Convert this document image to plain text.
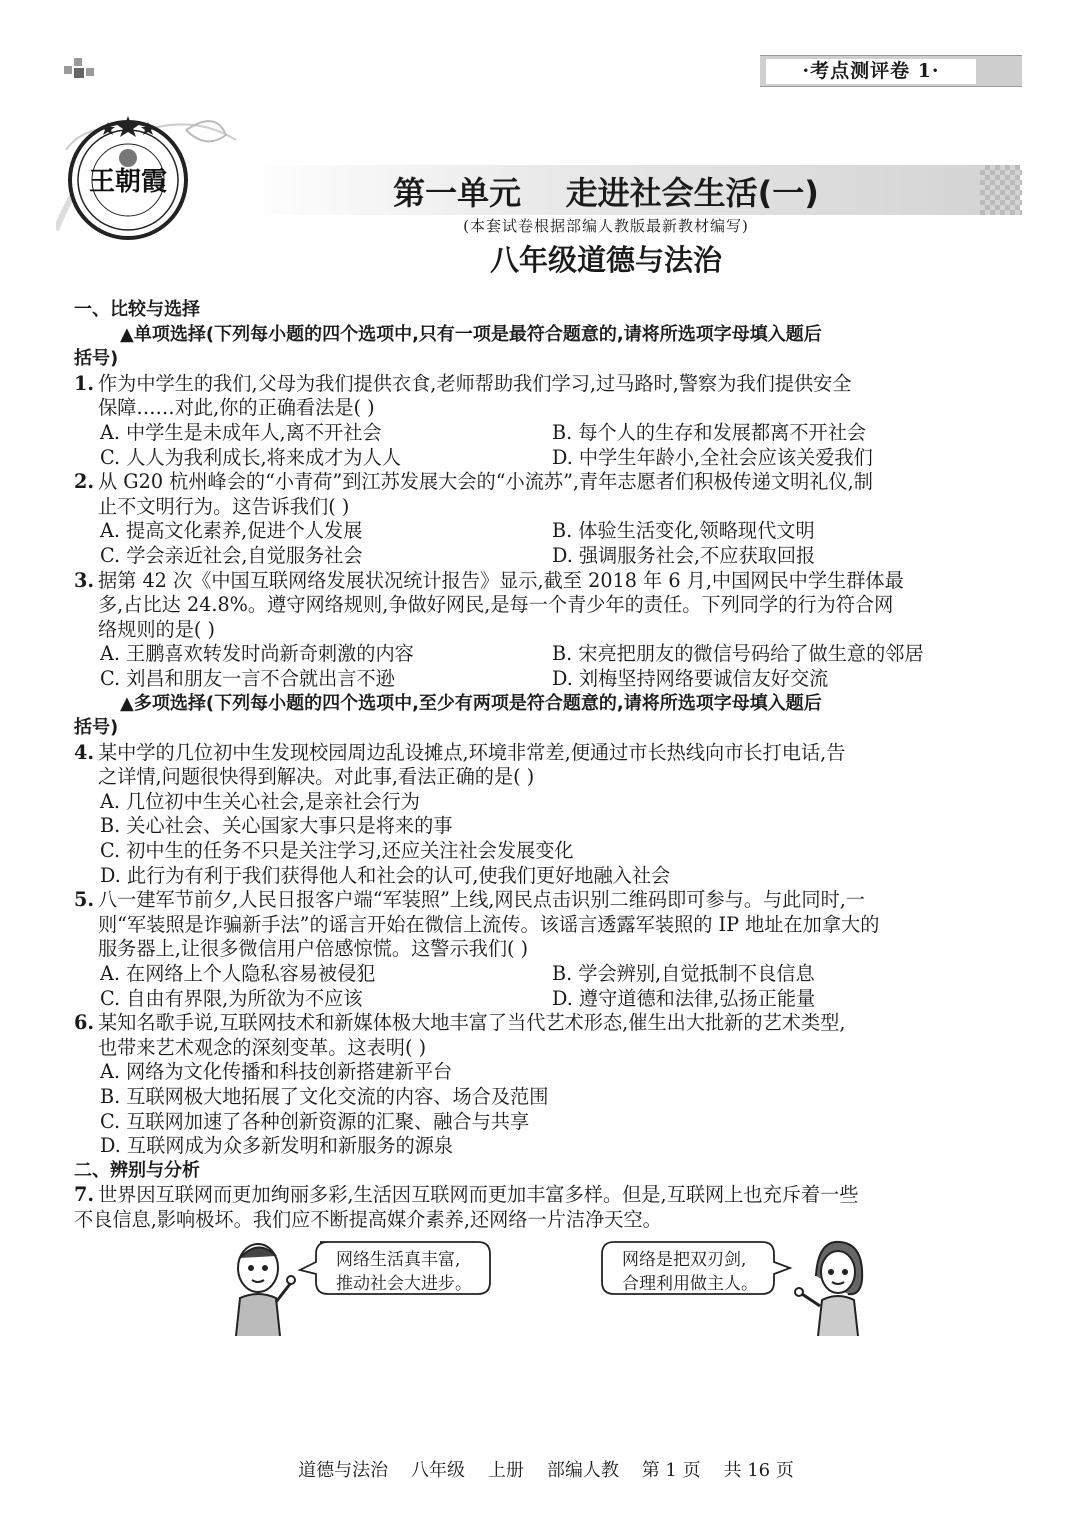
·考点测评卷 1·
王朝霞	第一单元    走进社会生活(一)
(本套试卷根据部编人教版最新教材编写)
八年级道德与法治

一、比较与选择

▲单项选择(下列每小题的四个选项中,只有一项是最符合题意的,请将所选项字母填入题后

括号)

1. 作为中学生的我们,父母为我们提供衣食,老师帮助我们学习,过马路时,警察为我们提供安全

保障……对此,你的正确看法是( )

A. 中学生是未成年人,离不开社会	B. 每个人的生存和发展都离不开社会
C. 人人为我利成长,将来成才为人人	D. 中学生年龄小,全社会应该关爱我们
2. 从 G20 杭州峰会的“小青荷”到江苏发展大会的“小流苏”,青年志愿者们积极传递文明礼仪,制

止不文明行为。这告诉我们( )

A. 提高文化素养,促进个人发展	B. 体验生活变化,领略现代文明
C. 学会亲近社会,自觉服务社会	D. 强调服务社会,不应获取回报
3. 据第 42 次《中国互联网络发展状况统计报告》显示,截至 2018 年 6 月,中国网民中学生群体最

多,占比达 24.8%。遵守网络规则,争做好网民,是每一个青少年的责任。下列同学的行为符合网

络规则的是( )

A. 王鹏喜欢转发时尚新奇刺激的内容	B. 宋亮把朋友的微信号码给了做生意的邻居
C. 刘昌和朋友一言不合就出言不逊	D. 刘梅坚持网络要诚信友好交流

▲多项选择(下列每小题的四个选项中,至少有两项是符合题意的,请将所选项字母填入题后

括号)

4. 某中学的几位初中生发现校园周边乱设摊点,环境非常差,便通过市长热线向市长打电话,告

之详情,问题很快得到解决。对此事,看法正确的是( )

A. 几位初中生关心社会,是亲社会行为

B. 关心社会、关心国家大事只是将来的事

C. 初中生的任务不只是关注学习,还应关注社会发展变化

D. 此行为有利于我们获得他人和社会的认可,使我们更好地融入社会

5. 八一建军节前夕,人民日报客户端“军装照”上线,网民点击识别二维码即可参与。与此同时,一

则“军装照是诈骗新手法”的谣言开始在微信上流传。该谣言透露军装照的 IP 地址在加拿大的

服务器上,让很多微信用户倍感惊慌。这警示我们( )

A. 在网络上个人隐私容易被侵犯	B. 学会辨别,自觉抵制不良信息
C. 自由有界限,为所欲为不应该	D. 遵守道德和法律,弘扬正能量
6. 某知名歌手说,互联网技术和新媒体极大地丰富了当代艺术形态,催生出大批新的艺术类型,

也带来艺术观念的深刻变革。这表明( )

A. 网络为文化传播和科技创新搭建新平台

B. 互联网极大地拓展了文化交流的内容、场合及范围

C. 互联网加速了各种创新资源的汇聚、融合与共享

D. 互联网成为众多新发明和新服务的源泉

二、辨别与分析

7. 世界因互联网而更加绚丽多彩,生活因互联网而更加丰富多样。但是,互联网上也充斥着一些

不良信息,影响极坏。我们应不断提高媒介素养,还网络一片洁净天空。

网络生活真丰富,
推动社会大进步。
网络是把双刃剑,
合理利用做主人。
道德与法治    八年级    上册    部编人教    第 1 页    共 16 页
